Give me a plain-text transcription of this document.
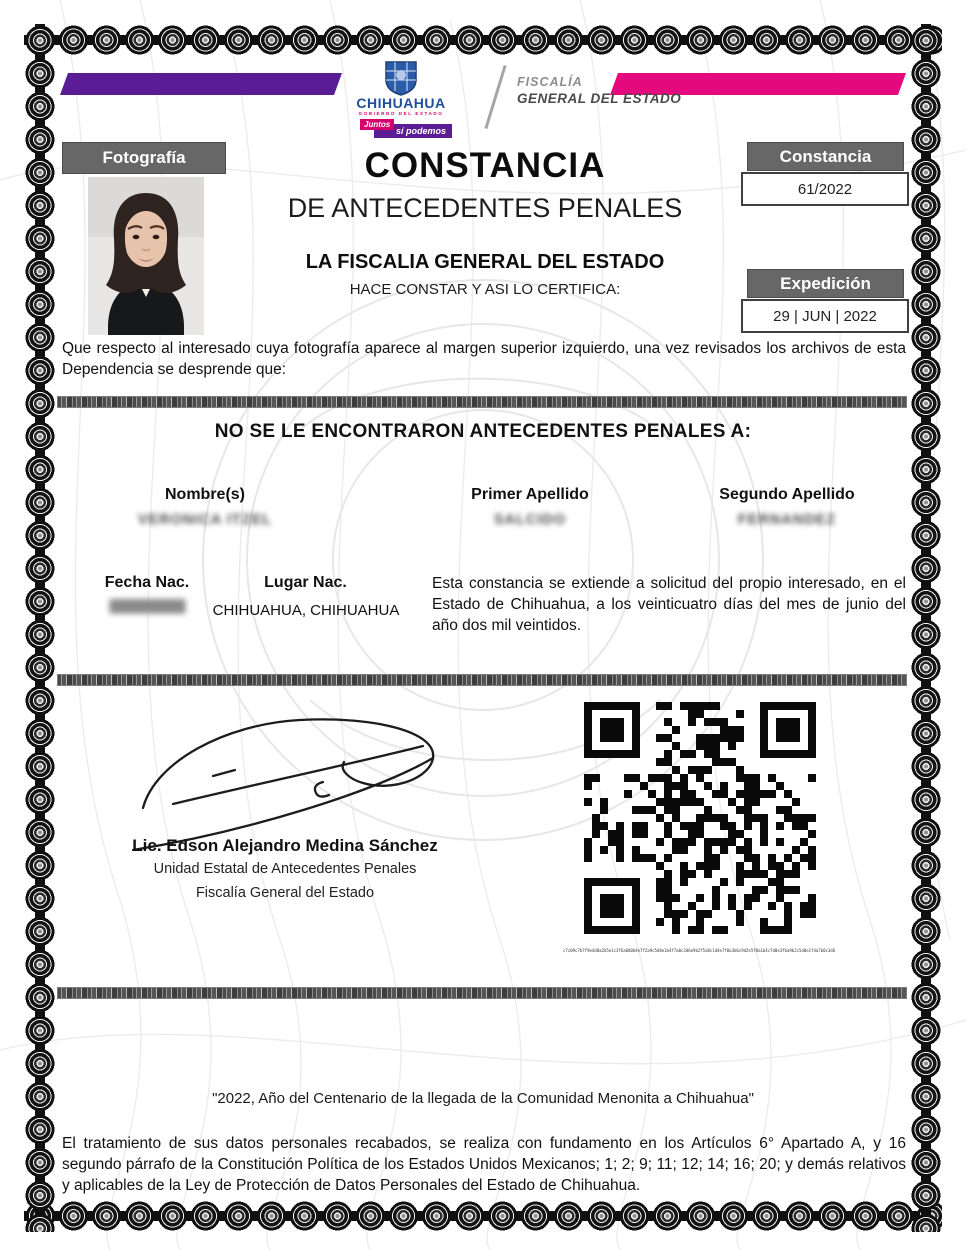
CHIHUAHUA
GOBIERNO DEL ESTADO
Juntos
sí podemos
FISCALÍA
GENERAL DEL ESTADO
Fotografía	Constancia
61/2022
Expedición
29 | JUN | 2022
CONSTANCIA
DE ANTECEDENTES PENALES
LA FISCALIA GENERAL DEL ESTADO
HACE CONSTAR Y ASI LO CERTIFICA:
Que respecto al interesado cuya fotografía aparece al margen superior izquierdo, una vez revisados los archivos de esta Dependencia se desprende que:
NO SE LE ENCONTRARON ANTECEDENTES PENALES A:
Nombre(s)
VERONICA ITZEL
Primer Apellido
SALCIDO
Segundo Apellido
FERNANDEZ
Fecha Nac.
██████████
Lugar Nac.
CHIHUAHUA, CHIHUAHUA
Esta constancia se extiende a solicitud del propio interesado, en el Estado de Chihuahua, a los veinticuatro días del mes de junio del año dos mil veintidos.
Lic. Edson Alejandro Medina Sánchez
Unidad Estatal de Antecedentes Penales
Fiscalía General del Estado
c7c09c7b7f9e4d8a2b5e1c3f6a8d0b4e7f2a9c5d8e1b4f7a0c3d6e9b2f5a8c1d4e7f0a3b6c9d2e5f8a1b4c7d0e3f6a9b2c5d8e1f4a7b0c3d6
"2022, Año del Centenario de la llegada de la Comunidad Menonita a Chihuahua"
El tratamiento de sus datos personales recabados, se realiza con fundamento en los Artículos 6° Apartado A, y 16 segundo párrafo de la Constitución Política de los Estados Unidos Mexicanos; 1; 2; 9; 11; 12; 14; 16; 20; y demás relativos y aplicables de la Ley de Protección de Datos Personales del Estado de Chihuahua.
